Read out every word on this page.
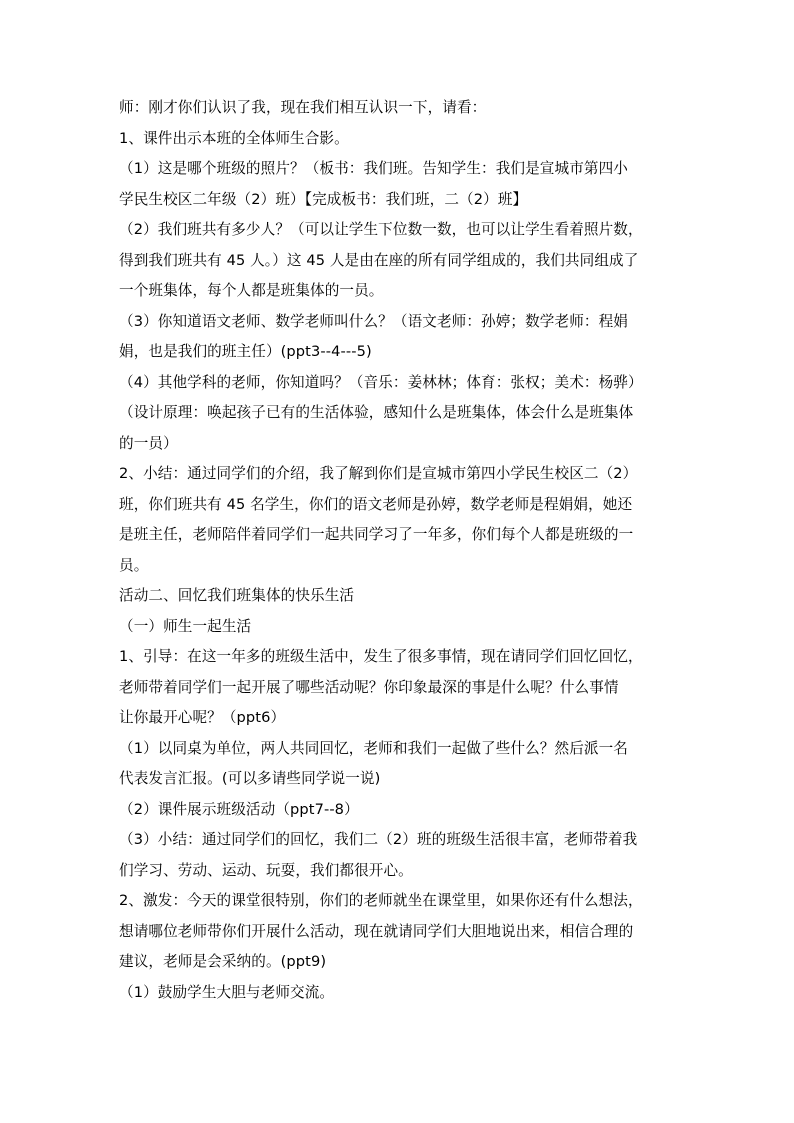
师：刚才你们认识了我，现在我们相互认识一下，请看：
1、课件出示本班的全体师生合影。
（1）这是哪个班级的照片？（板书：我们班。告知学生：我们是宣城市第四小
学民生校区二年级（2）班）【完成板书：我们班，二（2）班】
（2）我们班共有多少人？（可以让学生下位数一数，也可以让学生看着照片数，
得到我们班共有 45 人。）这 45 人是由在座的所有同学组成的，我们共同组成了
一个班集体，每个人都是班集体的一员。
（3）你知道语文老师、数学老师叫什么？（语文老师：孙婷；数学老师：程娟
娟，也是我们的班主任）(ppt3--4---5)
（4）其他学科的老师，你知道吗？（音乐：姜林林；体育：张权；美术：杨骅）
（设计原理：唤起孩子已有的生活体验，感知什么是班集体，体会什么是班集体
的一员）
2、小结：通过同学们的介绍，我了解到你们是宣城市第四小学民生校区二（2）
班，你们班共有 45 名学生，你们的语文老师是孙婷，数学老师是程娟娟，她还
是班主任，老师陪伴着同学们一起共同学习了一年多，你们每个人都是班级的一
员。
活动二、回忆我们班集体的快乐生活
（一）师生一起生活
1、引导：在这一年多的班级生活中，发生了很多事情，现在请同学们回忆回忆，
老师带着同学们一起开展了哪些活动呢？你印象最深的事是什么呢？什么事情
让你最开心呢？（ppt6）
（1）以同桌为单位，两人共同回忆，老师和我们一起做了些什么？然后派一名
代表发言汇报。(可以多请些同学说一说)
（2）课件展示班级活动（ppt7--8）
（3）小结：通过同学们的回忆，我们二（2）班的班级生活很丰富，老师带着我
们学习、劳动、运动、玩耍，我们都很开心。
2、激发：今天的课堂很特别，你们的老师就坐在课堂里，如果你还有什么想法，
想请哪位老师带你们开展什么活动，现在就请同学们大胆地说出来，相信合理的
建议，老师是会采纳的。(ppt9)
（1）鼓励学生大胆与老师交流。
